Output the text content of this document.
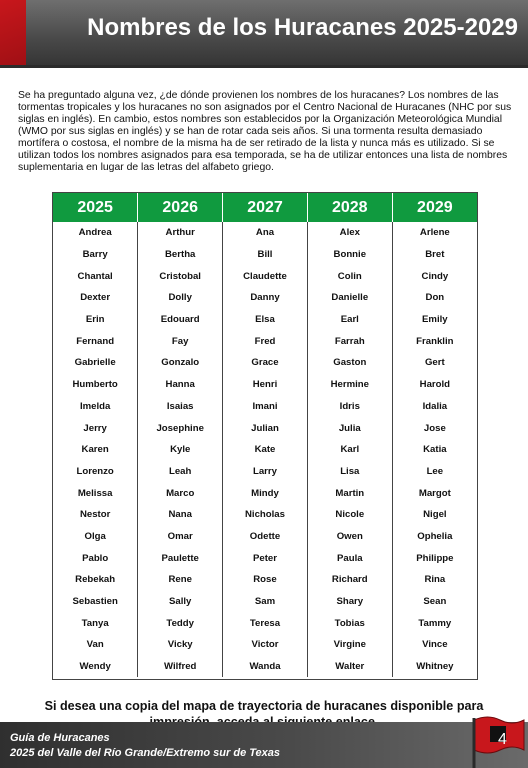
Nombres de los Huracanes 2025-2029

Se ha preguntado alguna vez, ¿de dónde provienen los nombres de los huracanes? Los nombres de las tormentas tropicales y los huracanes no son asignados por el Centro Nacional de Huracanes (NHC por sus siglas en inglés). En cambio, estos nombres son establecidos por la Organización Meteorológica Mundial (WMO por sus siglas en inglés) y se han de rotar cada seis años. Si una tormenta resulta demasiado mortífera o costosa, el nombre de la misma ha de ser retirado de la lista y nunca más es utilizado. Si se utilizan todos los nombres asignados para esa temporada, se ha de utilizar entonces una lista de nombres suplementaria en lugar de las letras del alfabeto griego.

2025	2026	2027	2028	2029
Andrea	Arthur	Ana	Alex	Arlene
Barry	Bertha	Bill	Bonnie	Bret
Chantal	Cristobal	Claudette	Colin	Cindy
Dexter	Dolly	Danny	Danielle	Don
Erin	Edouard	Elsa	Earl	Emily
Fernand	Fay	Fred	Farrah	Franklin
Gabrielle	Gonzalo	Grace	Gaston	Gert
Humberto	Hanna	Henri	Hermine	Harold
Imelda	Isaias	Imani	Idris	Idalia
Jerry	Josephine	Julian	Julia	Jose
Karen	Kyle	Kate	Karl	Katia
Lorenzo	Leah	Larry	Lisa	Lee
Melissa	Marco	Mindy	Martin	Margot
Nestor	Nana	Nicholas	Nicole	Nigel
Olga	Omar	Odette	Owen	Ophelia
Pablo	Paulette	Peter	Paula	Philippe
Rebekah	Rene	Rose	Richard	Rina
Sebastien	Sally	Sam	Shary	Sean
Tanya	Teddy	Teresa	Tobias	Tammy
Van	Vicky	Victor	Virgine	Vince
Wendy	Wilfred	Wanda	Walter	Whitney

Si desea una copia del mapa de trayectoria de huracanes disponible para

Guía de Huracanes
2025 del Valle del Río Grande/Extremo sur de Texas
4
